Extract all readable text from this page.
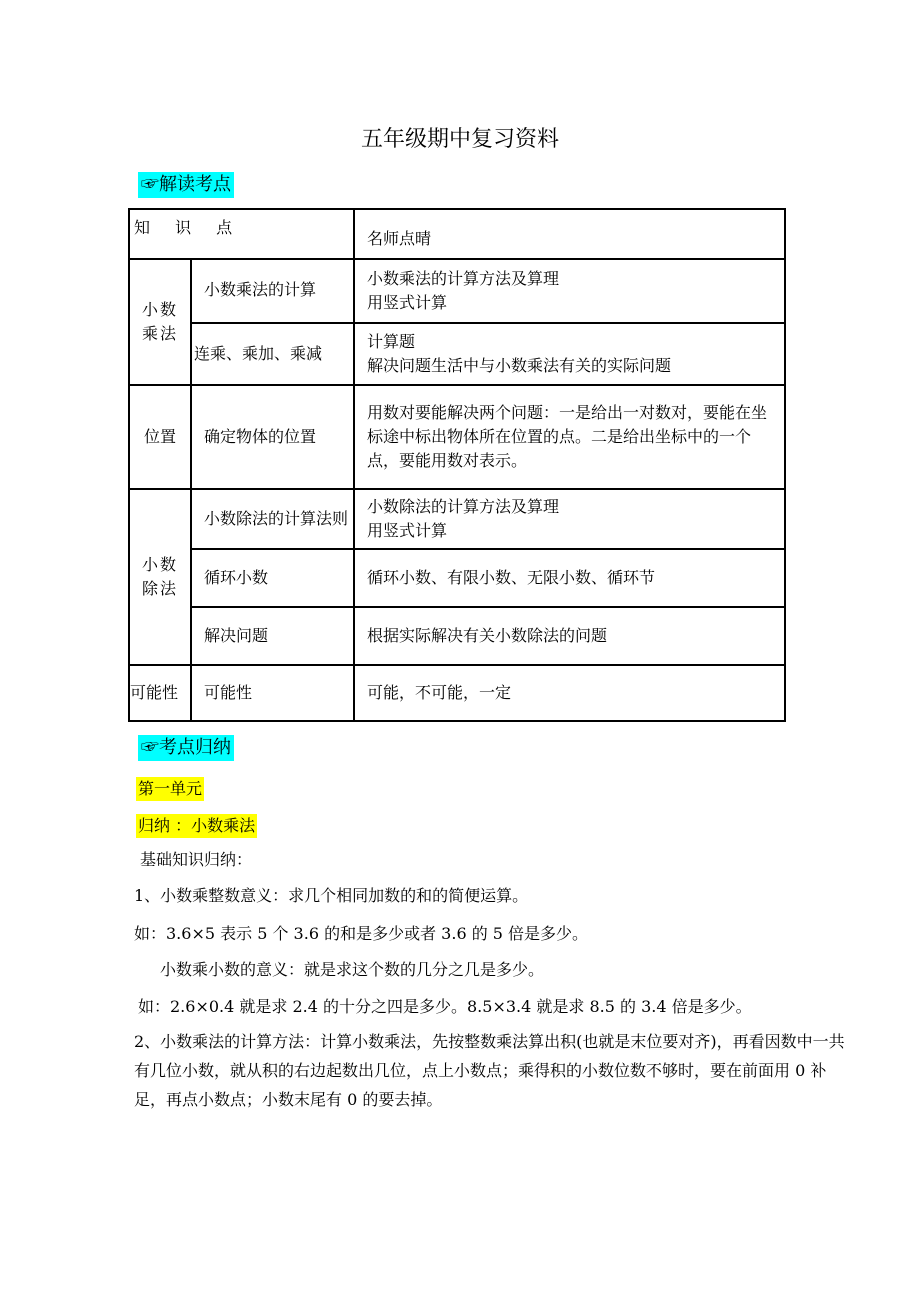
五年级期中复习资料
☞解读考点
知 识 点		名师点晴
小数乘法	小数乘法的计算	小数乘法的计算方法及算理
用竖式计算

	连乘、乘加、乘减	计算题
解决问题生活中与小数乘法有关的实际问题

位置	确定物体的位置	用数对要能解决两个问题：一是给出一对数对，要能在坐标途中标出物体所在位置的点。二是给出坐标中的一个点，要能用数对表示。
小数除法	小数除法的计算法则	小数除法的计算方法及算理
用竖式计算

	循环小数	循环小数、有限小数、无限小数、循环节
	解决问题	根据实际解决有关小数除法的问题
可能性	可能性	可能，不可能，一定
☞考点归纳
第一单元
归纳 ：小数乘法
基础知识归纳：
1、小数乘整数意义：求几个相同加数的和的简便运算。
如：3.6×5 表示 5 个 3.6 的和是多少或者 3.6 的 5 倍是多少。
小数乘小数的意义：就是求这个数的几分之几是多少。
如：2.6×0.4 就是求 2.4 的十分之四是多少。8.5×3.4 就是求 8.5 的 3.4 倍是多少。
2、小数乘法的计算方法：计算小数乘法，先按整数乘法算出积(也就是末位要对齐)，再看因数中一共有几位小数，就从积的右边起数出几位，点上小数点；乘得积的小数位数不够时，要在前面用 0 补足，再点小数点；小数末尾有 0 的要去掉。
